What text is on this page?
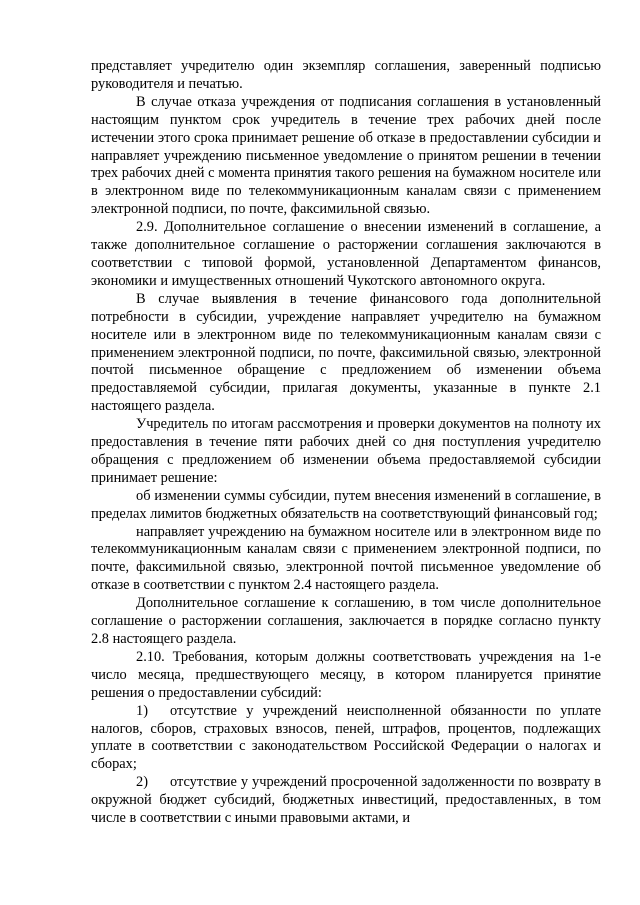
представляет учредителю один экземпляр соглашения, заверенный подписью руководителя и печатью.

В случае отказа учреждения от подписания соглашения в установленный настоящим пунктом срок учредитель в течение трех рабочих дней после истечении этого срока принимает решение об отказе в предоставлении субсидии и направляет учреждению письменное уведомление о принятом решении в течении трех рабочих дней с момента принятия такого решения на бумажном носителе или в электронном виде по телекоммуникационным каналам связи с применением электронной подписи, по почте, факсимильной связью.

2.9. Дополнительное соглашение о внесении изменений в соглашение, а также дополнительное соглашение о расторжении соглашения заключаются в соответствии с типовой формой, установленной Департаментом финансов, экономики и имущественных отношений Чукотского автономного округа.

В случае выявления в течение финансового года дополнительной потребности в субсидии, учреждение направляет учредителю на бумажном носителе или в электронном виде по телекоммуникационным каналам связи с применением электронной подписи, по почте, факсимильной связью, электронной почтой письменное обращение с предложением об изменении объема предоставляемой субсидии, прилагая документы, указанные в пункте 2.1 настоящего раздела.

Учредитель по итогам рассмотрения и проверки документов на полноту их предоставления в течение пяти рабочих дней со дня поступления учредителю обращения с предложением об изменении объема предоставляемой субсидии принимает решение:

об изменении суммы субсидии, путем внесения изменений в соглашение, в пределах лимитов бюджетных обязательств на соответствующий финансовый год;

направляет учреждению на бумажном носителе или в электронном виде по телекоммуникационным каналам связи с применением электронной подписи, по почте, факсимильной связью, электронной почтой письменное уведомление об отказе в соответствии с пунктом 2.4 настоящего раздела.

Дополнительное соглашение к соглашению, в том числе дополнительное соглашение о расторжении соглашения, заключается в порядке согласно пункту 2.8 настоящего раздела.

2.10. Требования, которым должны соответствовать учреждения на 1-е число месяца, предшествующего месяцу, в котором планируется принятие решения о предоставлении субсидий:

1) отсутствие у учреждений неисполненной обязанности по уплате налогов, сборов, страховых взносов, пеней, штрафов, процентов, подлежащих уплате в соответствии с законодательством Российской Федерации о налогах и сборах;

2) отсутствие у учреждений просроченной задолженности по возврату в окружной бюджет субсидий, бюджетных инвестиций, предоставленных, в том числе в соответствии с иными правовыми актами, и
